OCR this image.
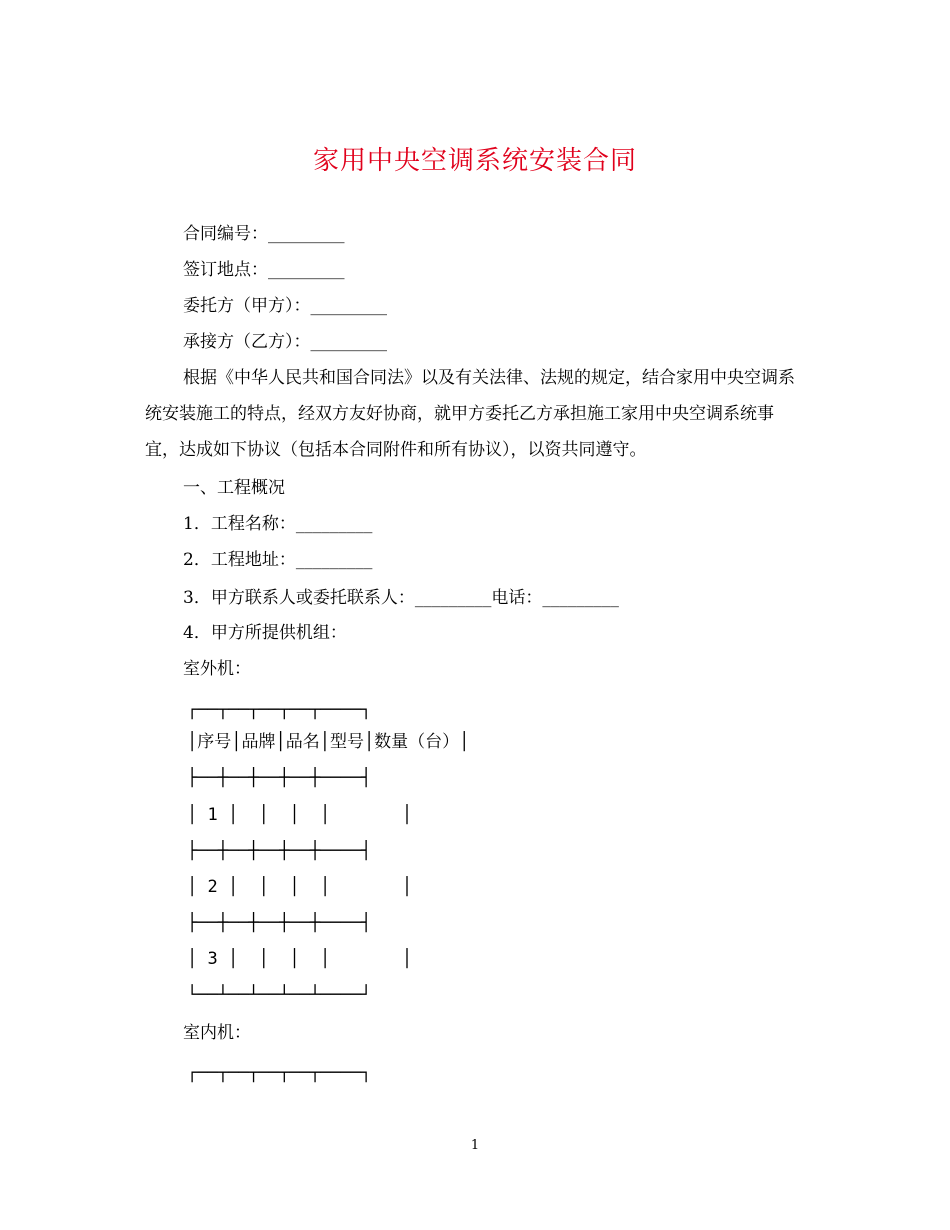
家用中央空调系统安装合同
合同编号：_________
签订地点：_________
委托方（甲方）：_________
承接方（乙方）：_________
根据《中华人民共和国合同法》以及有关法律、法规的规定，结合家用中央空调系统安装施工的特点，经双方友好协商，就甲方委托乙方承担施工家用中央空调系统事宜，达成如下协议（包括本合同附件和所有协议），以资共同遵守。
一、工程概况
1．工程名称：_________
2．工程地址：_________
3．甲方联系人或委托联系人：_________电话：_________
4．甲方所提供机组：
室外机：
┌──┬──┬──┬──┬────┐
│序号│品牌│品名│型号│数量（台）│
├──┼──┼──┼──┼────┤
│ 1 │  │  │  │       │
├──┼──┼──┼──┼────┤
│ 2 │  │  │  │       │
├──┼──┼──┼──┼────┤
│ 3 │  │  │  │       │
└──┴──┴──┴──┴────┘
室内机：
┌──┬──┬──┬──┬────┐
1
